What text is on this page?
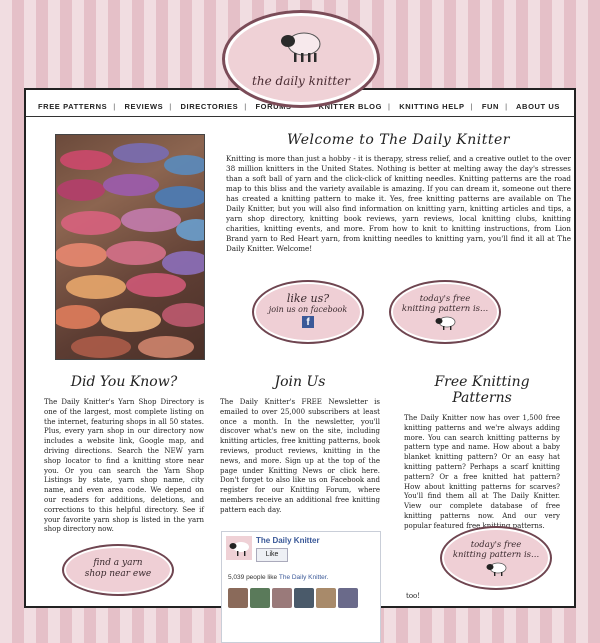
the daily knitter
FREE PATTERNS | REVIEWS | DIRECTORIES | FORUMS	KNITTER BLOG | KNITTING HELP | FUN | ABOUT US
Welcome to The Daily Knitter

Knitting is more than just a hobby - it is therapy, stress relief, and a creative outlet to the over 38 million knitters in the United States. Nothing is better at melting away the day's stresses than a soft ball of yarn and the click-click of knitting needles. Knitting patterns are the road map to this bliss and the variety available is amazing. If you can dream it, someone out there has created a knitting pattern to make it. Yes, free knitting patterns are available on The Daily Knitter, but you will also find information on knitting yarn, knitting articles and tips, a yarn shop directory, knitting book reviews, yarn reviews, local knitting clubs, knitting charities, knitting events, and more. From how to knit to knitting instructions, from Lion Brand yarn to Red Heart yarn, from knitting needles to knitting yarn, you'll find it all at The Daily Knitter. Welcome!

like us?
join us on facebook
f
today's free
knitting pattern is...
Did You Know?

The Daily Knitter's Yarn Shop Directory is one of the largest, most complete listing on the internet, featuring shops in all 50 states. Plus, every yarn shop in our directory now includes a website link, Google map, and driving directions. Search the NEW yarn shop locator to find a knitting store near you. Or you can search the Yarn Shop Listings by state, yarn shop name, city name, and even area code. We depend on our readers for additions, deletions, and corrections to this helpful directory. See if your favorite yarn shop is listed in the yarn shop directory now.

find a yarn shop near ewe
Join Us

The Daily Knitter's FREE Newsletter is emailed to over 25,000 subscribers at least once a month. In the newsletter, you'll discover what's new on the site, including knitting articles, free knitting patterns, book reviews, product reviews, knitting in the news, and more. Sign up at the top of the page under Knitting News or click here. Don't forget to also like us on Facebook and register for our Knitting Forum, where members receive an additional free knitting pattern each day.

The Daily Knitter
Like
5,039 people like The Daily Knitter.
Free Knitting Patterns

The Daily Knitter now has over 1,500 free knitting patterns and we're always adding more. You can search knitting patterns by pattern type and name. How about a baby blanket knitting pattern? Or an easy hat knitting pattern? Perhaps a scarf knitting pattern? Or a free knitted hat pattern? How about knitting patterns for scarves? You'll find them all at The Daily Knitter. View our complete database of free knitting patterns now. And our very popular featured free knitting patterns.

today's free
knitting pattern is...
too!
